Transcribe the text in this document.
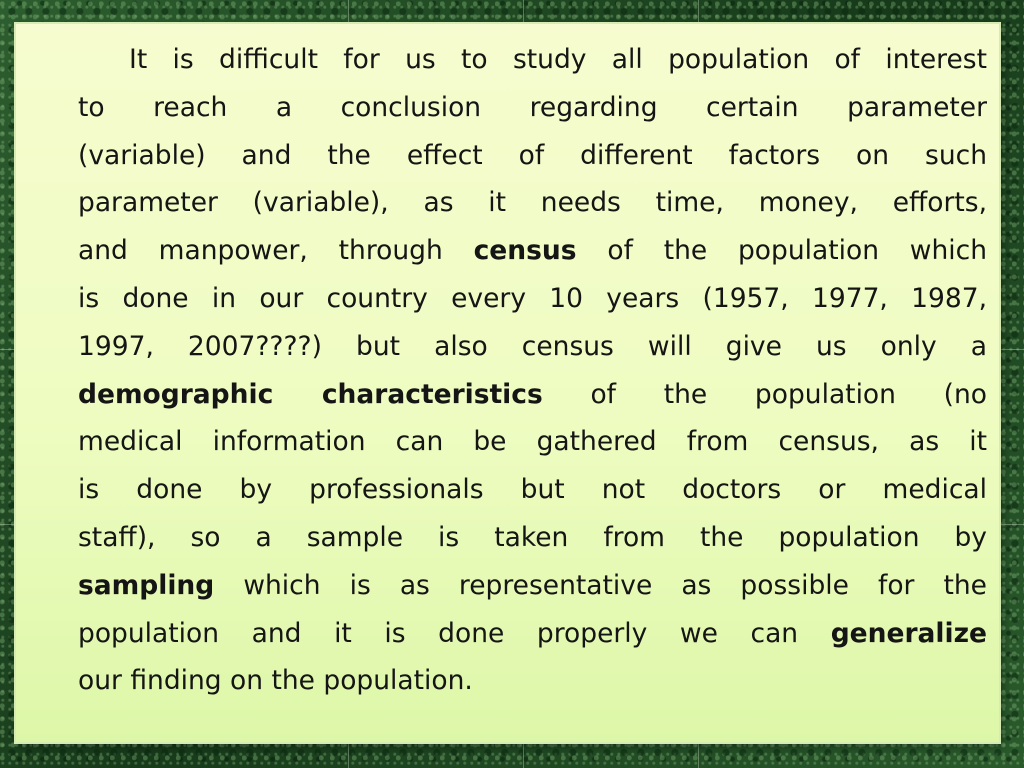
It is difficult for us to study all population of interest
to reach a conclusion regarding certain parameter
(variable) and the effect of different factors on such
parameter (variable), as it needs time, money, efforts,
and manpower, through census of the population which
is done in our country every 10 years (1957, 1977, 1987,
1997, 2007????) but also census will give us only a
demographic characteristics of the population (no
medical information can be gathered from census, as it
is done by professionals but not doctors or medical
staff), so a sample is taken from the population by
sampling which is as representative as possible for the
population and it is done properly we can generalize
our finding on the population.
